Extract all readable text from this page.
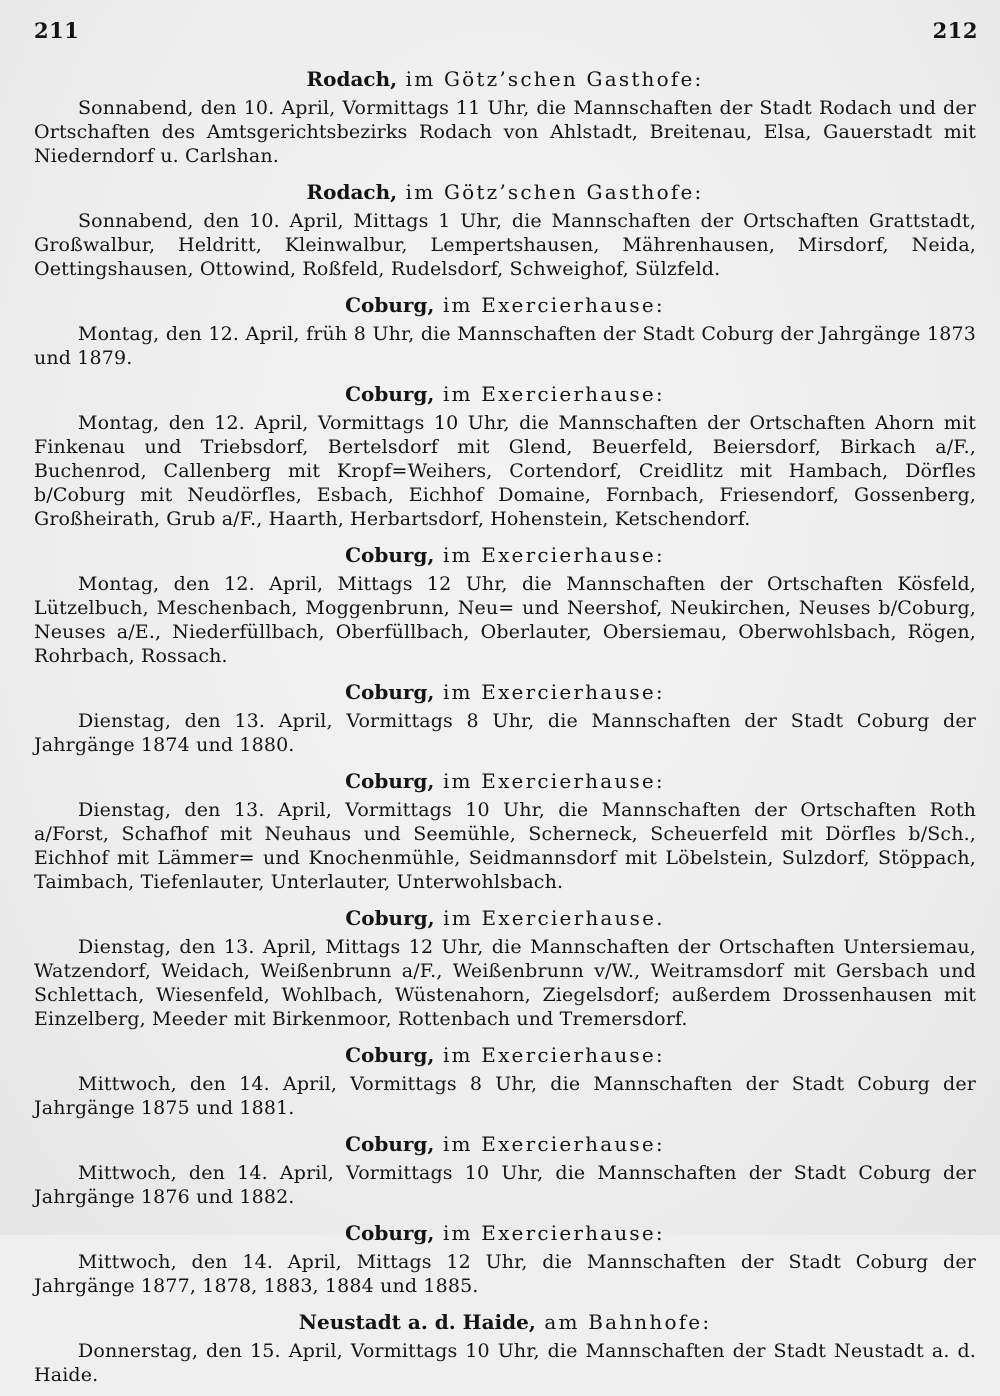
211	212
Rodach, im Götz’schen Gasthofe:
Sonnabend, den 10. April, Vormittags 11 Uhr, die Mannschaften der Stadt Rodach und der Ortschaften des Amtsgerichtsbezirks Rodach von Ahlstadt, Breitenau, Elsa, Gauerstadt mit Niederndorf u. Carlshan.
Rodach, im Götz’schen Gasthofe:
Sonnabend, den 10. April, Mittags 1 Uhr, die Mannschaften der Ortschaften Grattstadt, Großwalbur, Heldritt, Kleinwalbur, Lempertshausen, Mährenhausen, Mirsdorf, Neida, Oettingshausen, Ottowind, Roßfeld, Rudelsdorf, Schweighof, Sülzfeld.
Coburg, im Exercierhause:
Montag, den 12. April, früh 8 Uhr, die Mannschaften der Stadt Coburg der Jahrgänge 1873 und 1879.
Coburg, im Exercierhause:
Montag, den 12. April, Vormittags 10 Uhr, die Mannschaften der Ortschaften Ahorn mit Finkenau und Triebsdorf, Bertelsdorf mit Glend, Beuerfeld, Beiersdorf, Birkach a/F., Buchenrod, Callenberg mit Kropf=Weihers, Cortendorf, Creidlitz mit Hambach, Dörfles b/Coburg mit Neudörfles, Esbach, Eichhof Domaine, Fornbach, Friesendorf, Gossenberg, Großheirath, Grub a/F., Haarth, Herbartsdorf, Hohenstein, Ketschendorf.
Coburg, im Exercierhause:
Montag, den 12. April, Mittags 12 Uhr, die Mannschaften der Ortschaften Kösfeld, Lützelbuch, Meschenbach, Moggenbrunn, Neu= und Neershof, Neukirchen, Neuses b/Coburg, Neuses a/E., Niederfüllbach, Oberfüllbach, Oberlauter, Obersiemau, Oberwohlsbach, Rögen, Rohrbach, Rossach.
Coburg, im Exercierhause:
Dienstag, den 13. April, Vormittags 8 Uhr, die Mannschaften der Stadt Coburg der Jahrgänge 1874 und 1880.
Coburg, im Exercierhause:
Dienstag, den 13. April, Vormittags 10 Uhr, die Mannschaften der Ortschaften Roth a/Forst, Schafhof mit Neuhaus und Seemühle, Scherneck, Scheuerfeld mit Dörfles b/Sch., Eichhof mit Lämmer= und Knochenmühle, Seidmannsdorf mit Löbelstein, Sulzdorf, Stöppach, Taimbach, Tiefenlauter, Unterlauter, Unterwohlsbach.
Coburg, im Exercierhause.
Dienstag, den 13. April, Mittags 12 Uhr, die Mannschaften der Ortschaften Untersiemau, Watzendorf, Weidach, Weißenbrunn a/F., Weißenbrunn v/W., Weitramsdorf mit Gersbach und Schlettach, Wiesenfeld, Wohlbach, Wüstenahorn, Ziegelsdorf; außerdem Drossenhausen mit Einzelberg, Meeder mit Birkenmoor, Rottenbach und Tremersdorf.
Coburg, im Exercierhause:
Mittwoch, den 14. April, Vormittags 8 Uhr, die Mannschaften der Stadt Coburg der Jahrgänge 1875 und 1881.
Coburg, im Exercierhause:
Mittwoch, den 14. April, Vormittags 10 Uhr, die Mannschaften der Stadt Coburg der Jahrgänge 1876 und 1882.
Coburg, im Exercierhause:
Mittwoch, den 14. April, Mittags 12 Uhr, die Mannschaften der Stadt Coburg der Jahrgänge 1877, 1878, 1883, 1884 und 1885.
Neustadt a. d. Haide, am Bahnhofe:
Donnerstag, den 15. April, Vormittags 10 Uhr, die Mannschaften der Stadt Neustadt a. d. Haide.
